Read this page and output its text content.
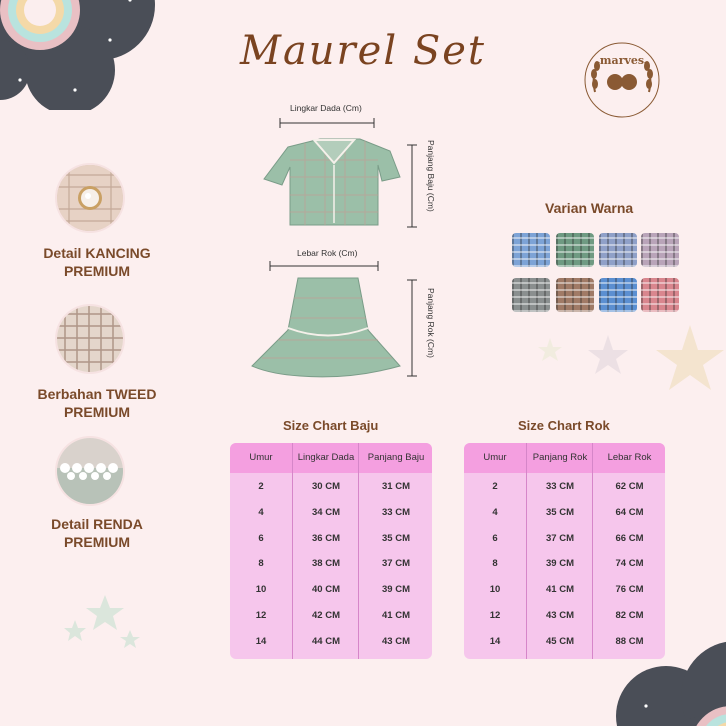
Maurel Set	marves
Detail KANCING
PREMIUM
Berbahan TWEED
PREMIUM
Detail RENDA
PREMIUM
Lingkar Dada (Cm)
Panjang Baju (Cm)
Lebar Rok (Cm)
Panjang Rok (Cm)
Varian Warna
Size Chart Baju
Umur	Lingkar Dada	Panjang Baju
2	30 CM	31 CM
4	34 CM	33 CM
6	36 CM	35 CM
8	38 CM	37 CM
10	40 CM	39 CM
12	42 CM	41 CM
14	44 CM	43 CM
Size Chart Rok
Umur	Panjang Rok	Lebar Rok
2	33 CM	62 CM
4	35 CM	64 CM
6	37 CM	66 CM
8	39 CM	74 CM
10	41 CM	76 CM
12	43 CM	82 CM
14	45 CM	88 CM
